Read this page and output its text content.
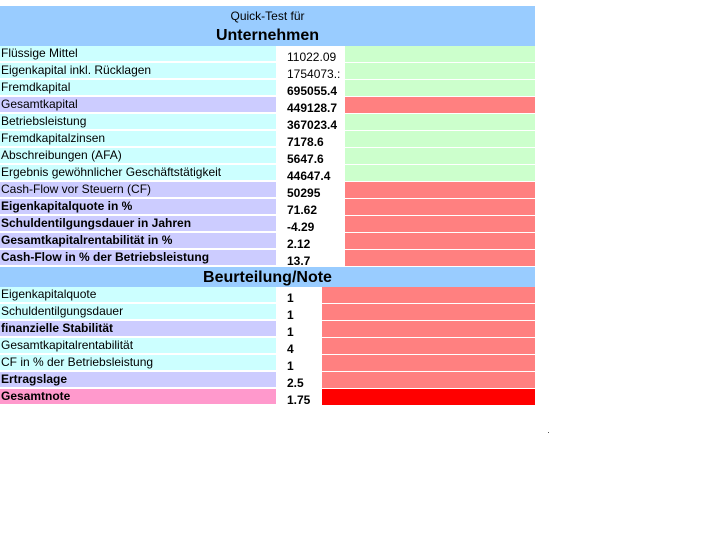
Quick-Test für
Unternehmen
Flüssige Mittel	11022.09
Eigenkapital inkl. Rücklagen	1754073.:
Fremdkapital	695055.4
Gesamtkapital	449128.7
Betriebsleistung	367023.4
Fremdkapitalzinsen	7178.6
Abschreibungen (AFA)	5647.6
Ergebnis gewöhnlicher Geschäftstätigkeit	44647.4
Cash-Flow vor Steuern (CF)	50295
Eigenkapitalquote in %	71.62
Schuldentilgungsdauer in Jahren	-4.29
Gesamtkapitalrentabilität in %	2.12
Cash-Flow in % der Betriebsleistung	13.7
Beurteilung/Note
Eigenkapitalquote	1
Schuldentilgungsdauer	1
finanzielle Stabilität	1
Gesamtkapitalrentabilität	4
CF in % der Betriebsleistung	1
Ertragslage	2.5
Gesamtnote	1.75
